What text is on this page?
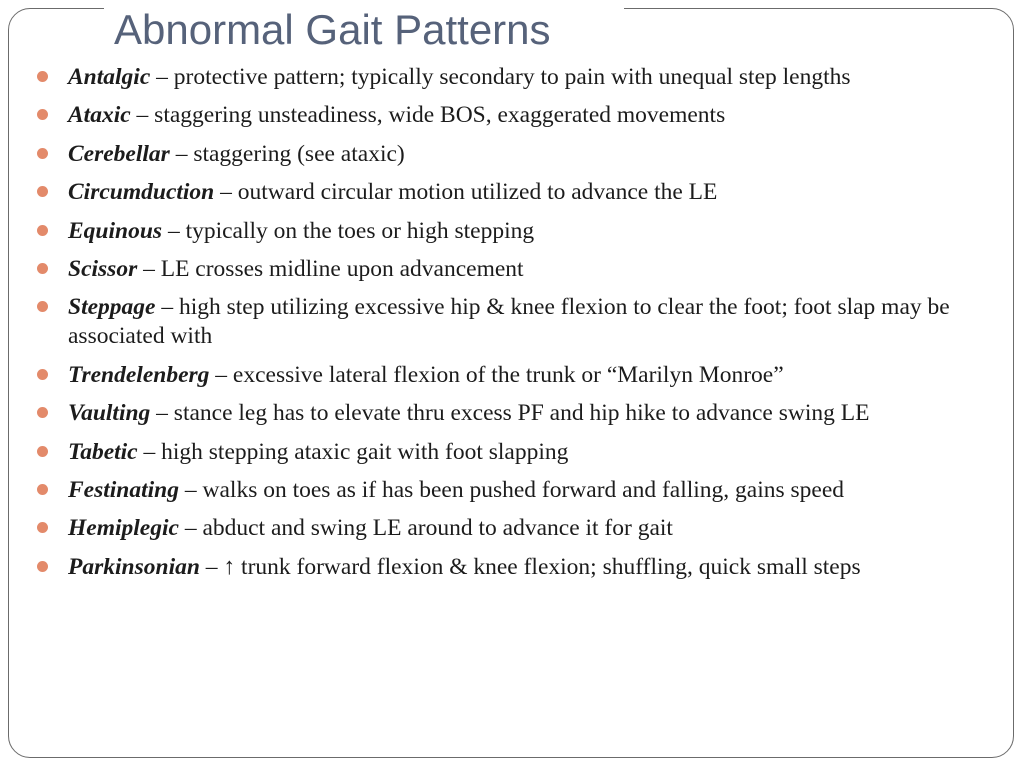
Abnormal Gait Patterns
Antalgic – protective pattern; typically secondary to pain with unequal step lengths
Ataxic – staggering unsteadiness, wide BOS, exaggerated movements
Cerebellar – staggering (see ataxic)
Circumduction – outward circular motion utilized to advance the LE
Equinous – typically on the toes or high stepping
Scissor – LE crosses midline upon advancement
Steppage – high step utilizing excessive hip & knee flexion to clear the foot; foot slap may be associated with
Trendelenberg – excessive lateral flexion of the trunk or “Marilyn Monroe”
Vaulting – stance leg has to elevate thru excess PF and hip hike to advance swing LE
Tabetic – high stepping ataxic gait with foot slapping
Festinating – walks on toes as if has been pushed forward and falling, gains speed
Hemiplegic – abduct and swing LE around to advance it for gait
Parkinsonian – ↑ trunk forward flexion & knee flexion; shuffling, quick small steps
